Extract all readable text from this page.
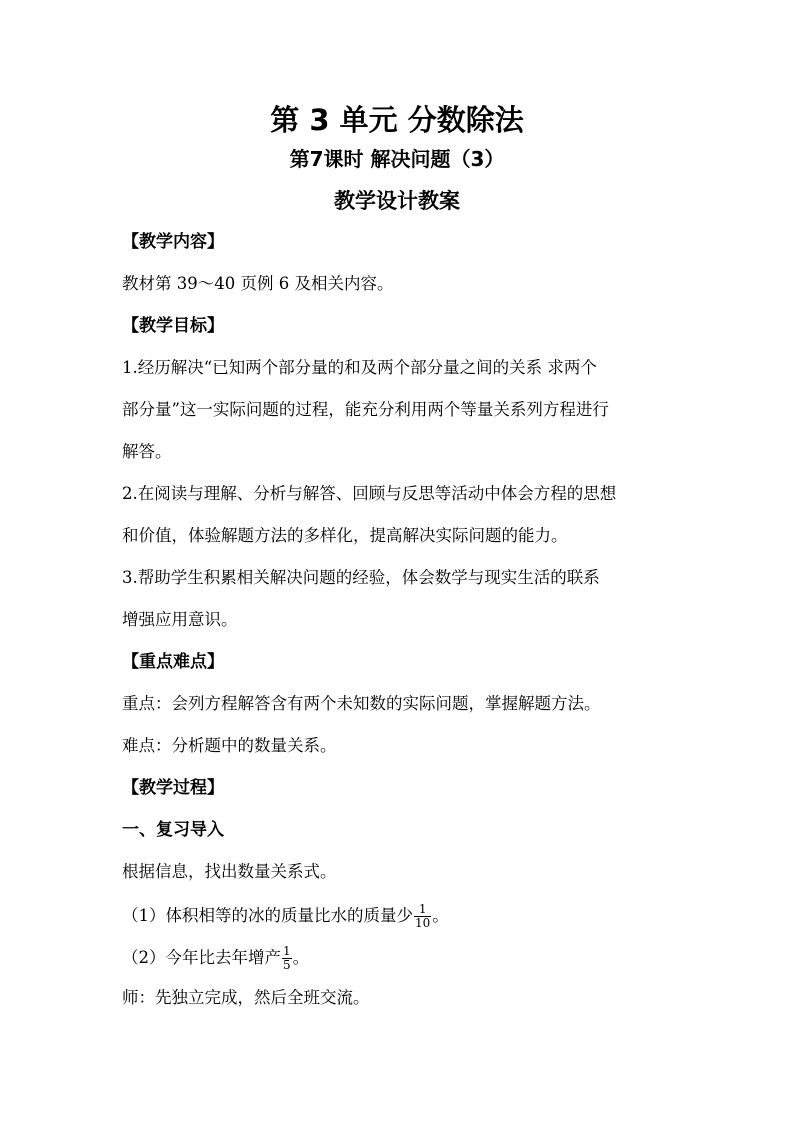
第 3 单元 分数除法
第7课时 解决问题（3）
教学设计教案
【教学内容】
教材第 39～40 页例 6 及相关内容。
【教学目标】
1.经历解决“已知两个部分量的和及两个部分量之间的关系 求两个
部分量”这一实际问题的过程，能充分利用两个等量关系列方程进行
解答。
2.在阅读与理解、分析与解答、回顾与反思等活动中体会方程的思想
和价值，体验解题方法的多样化，提高解决实际问题的能力。
3.帮助学生积累相关解决问题的经验，体会数学与现实生活的联系
增强应用意识。
【重点难点】
重点：会列方程解答含有两个未知数的实际问题，掌握解题方法。
难点：分析题中的数量关系。
【教学过程】
一、复习导入
根据信息，找出数量关系式。
（1）体积相等的冰的质量比水的质量少 $\frac{1}{10}$ 。
（2）今年比去年增产 $\frac{1}{5}$ 。
师：先独立完成，然后全班交流。
